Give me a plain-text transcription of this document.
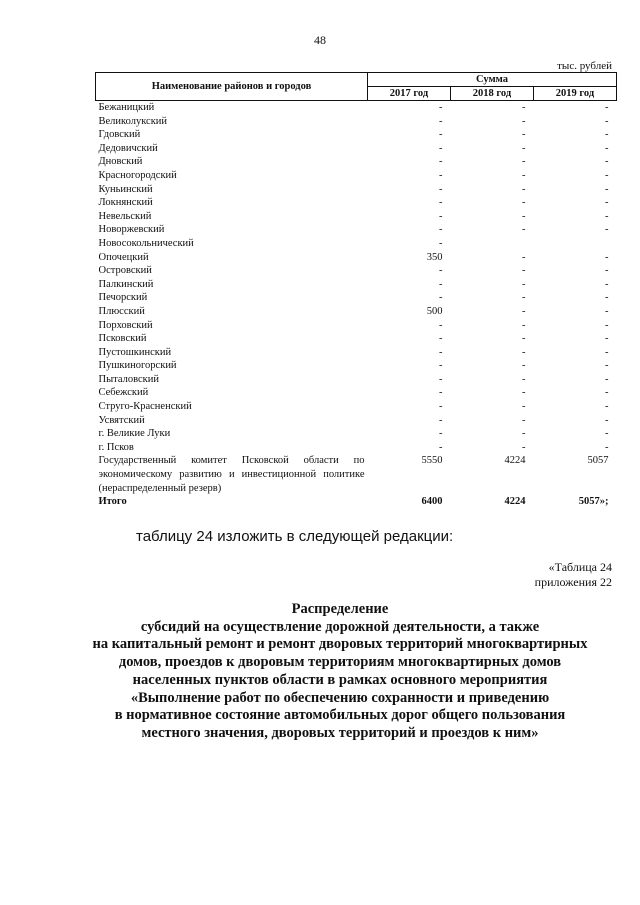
48
тыс. рублей
Наименование районов и городов	Сумма		
	2017 год	2018 год	2019 год
Бежаницкий	-	-	-
Великолукский	-	-	-
Гдовский	-	-	-
Дедовичский	-	-	-
Дновский	-	-	-
Красногородский	-	-	-
Куньинский	-	-	-
Локнянский	-	-	-
Невельский	-	-	-
Новоржевский	-	-	-
Новосокольнический	-		
Опочецкий	350	-	-
Островский	-	-	-
Палкинский	-	-	-
Печорский	-	-	-
Плюсский	500	-	-
Порховский	-	-	-
Псковский	-	-	-
Пустошкинский	-	-	-
Пушкиногорский	-	-	-
Пыталовский	-	-	-
Себежский	-	-	-
Струго-Красненский	-	-	-
Усвятский	-	-	-
г. Великие Луки	-	-	-
г. Псков	-	-	-
Государственный комитет Псковской области по экономическому развитию и инвестиционной политике (нераспределенный резерв)	5550	4224	5057
Итого	6400	4224	5057»;
таблицу 24 изложить в следующей редакции:
«Таблица 24
приложения 22
Распределение
субсидий на осуществление дорожной деятельности, а также
на капитальный ремонт и ремонт дворовых территорий многоквартирных
домов, проездов к дворовым территориям многоквартирных домов
населенных пунктов области в рамках основного мероприятия
«Выполнение работ по обеспечению сохранности и приведению
в нормативное состояние автомобильных дорог общего пользования
местного значения, дворовых территорий и проездов к ним»
